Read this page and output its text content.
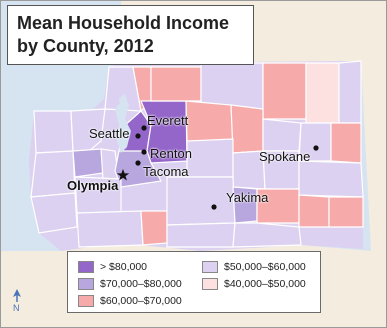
Mean Household Income
by County, 2012
Everett
Seattle
Renton
Tacoma
Olympia
Spokane
Yakima
> $80,000	$50,000–$60,000
$70,000–$80,000	$40,000–$50,000
$60,000–$70,000
N
